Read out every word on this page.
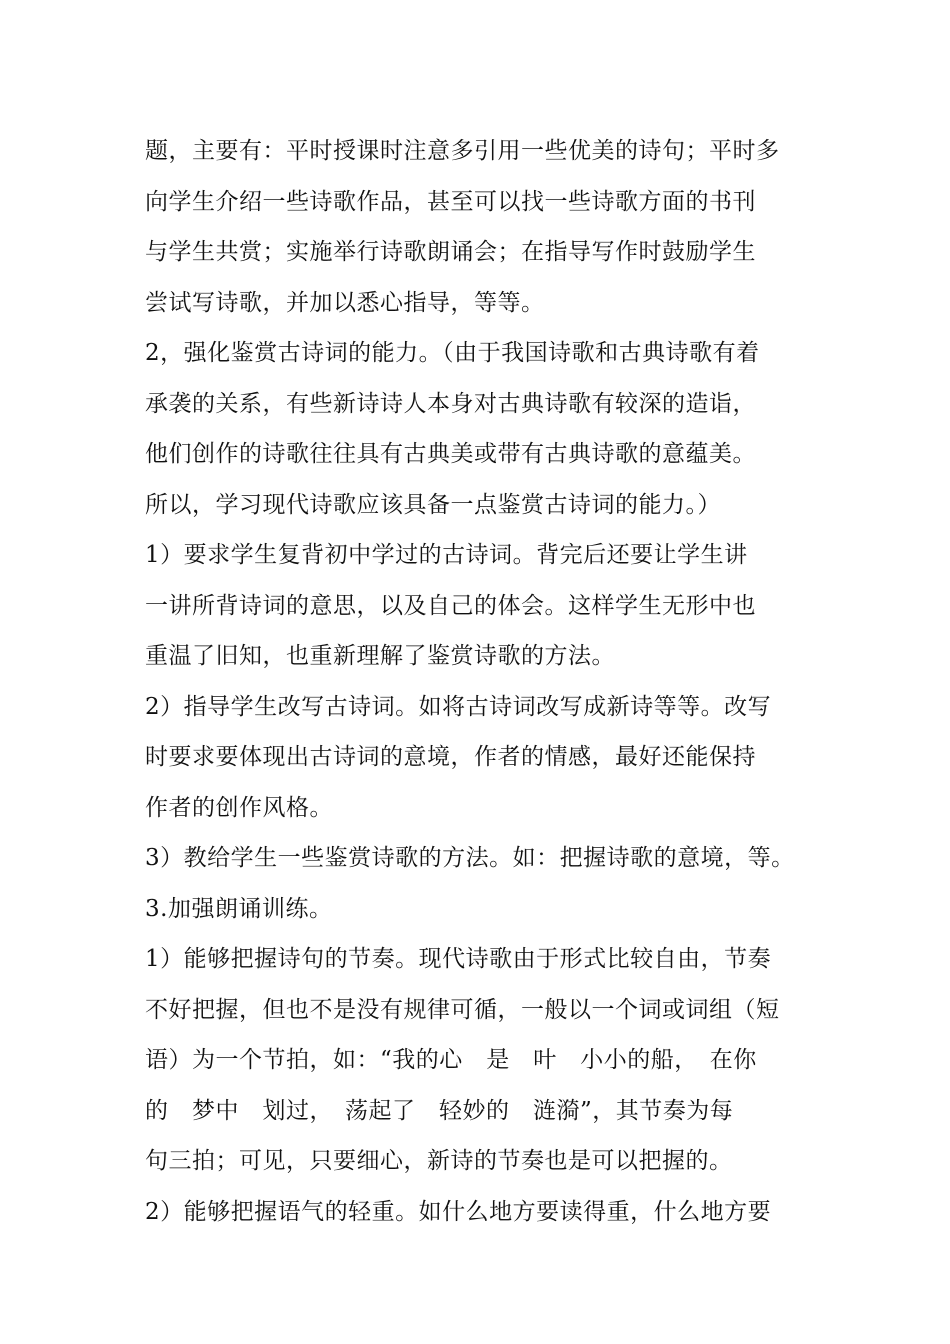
题，主要有：平时授课时注意多引用一些优美的诗句；平时多
向学生介绍一些诗歌作品，甚至可以找一些诗歌方面的书刊
与学生共赏；实施举行诗歌朗诵会；在指导写作时鼓励学生
尝试写诗歌，并加以悉心指导，等等。
2，强化鉴赏古诗词的能力。（由于我国诗歌和古典诗歌有着
承袭的关系，有些新诗诗人本身对古典诗歌有较深的造诣，
他们创作的诗歌往往具有古典美或带有古典诗歌的意蕴美。
所以，学习现代诗歌应该具备一点鉴赏古诗词的能力。）
1）要求学生复背初中学过的古诗词。背完后还要让学生讲
一讲所背诗词的意思，以及自己的体会。这样学生无形中也
重温了旧知，也重新理解了鉴赏诗歌的方法。
2）指导学生改写古诗词。如将古诗词改写成新诗等等。改写
时要求要体现出古诗词的意境，作者的情感，最好还能保持
作者的创作风格。
3）教给学生一些鉴赏诗歌的方法。如：把握诗歌的意境，等。
3.加强朗诵训练。
1）能够把握诗句的节奏。现代诗歌由于形式比较自由，节奏
不好把握，但也不是没有规律可循，一般以一个词或词组（短
语）为一个节拍，如：“我的心　是　叶　小小的船，　在你
的　梦中　划过，　荡起了　轻妙的　涟漪”，其节奏为每
句三拍；可见，只要细心，新诗的节奏也是可以把握的。
2）能够把握语气的轻重。如什么地方要读得重，什么地方要
